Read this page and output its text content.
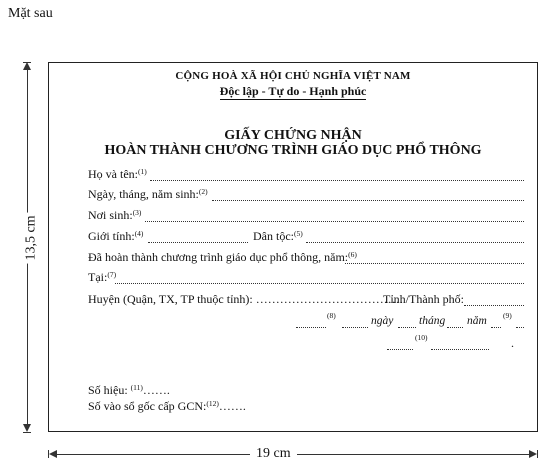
Mặt sau
CỘNG HOÀ XÃ HỘI CHỦ NGHĨA VIỆT NAM
Độc lập - Tự do - Hạnh phúc
GIẤY CHỨNG NHẬN
HOÀN THÀNH CHƯƠNG TRÌNH GIÁO DỤC PHỔ THÔNG
Họ và tên:$^{(1)}$
Ngày, tháng, năm sinh:$^{(2)}$
Nơi sinh:$^{(3)}$
Giới tính:$^{(4)}$	Dân tộc:$^{(5)}$
Đã hoàn thành chương trình giáo dục phổ thông, năm:$^{(6)}$
Tại:$^{(7)}$
Huyện (Quận, TX, TP thuộc tỉnh): ……………………………….
Tỉnh/Thành phố:
(8)	ngày tháng năm (9)
(10)	.
Số hiệu: $^{(11)}$…….
Số vào sổ gốc cấp GCN:$^{(12)}$…….
13,5 cm
19 cm
